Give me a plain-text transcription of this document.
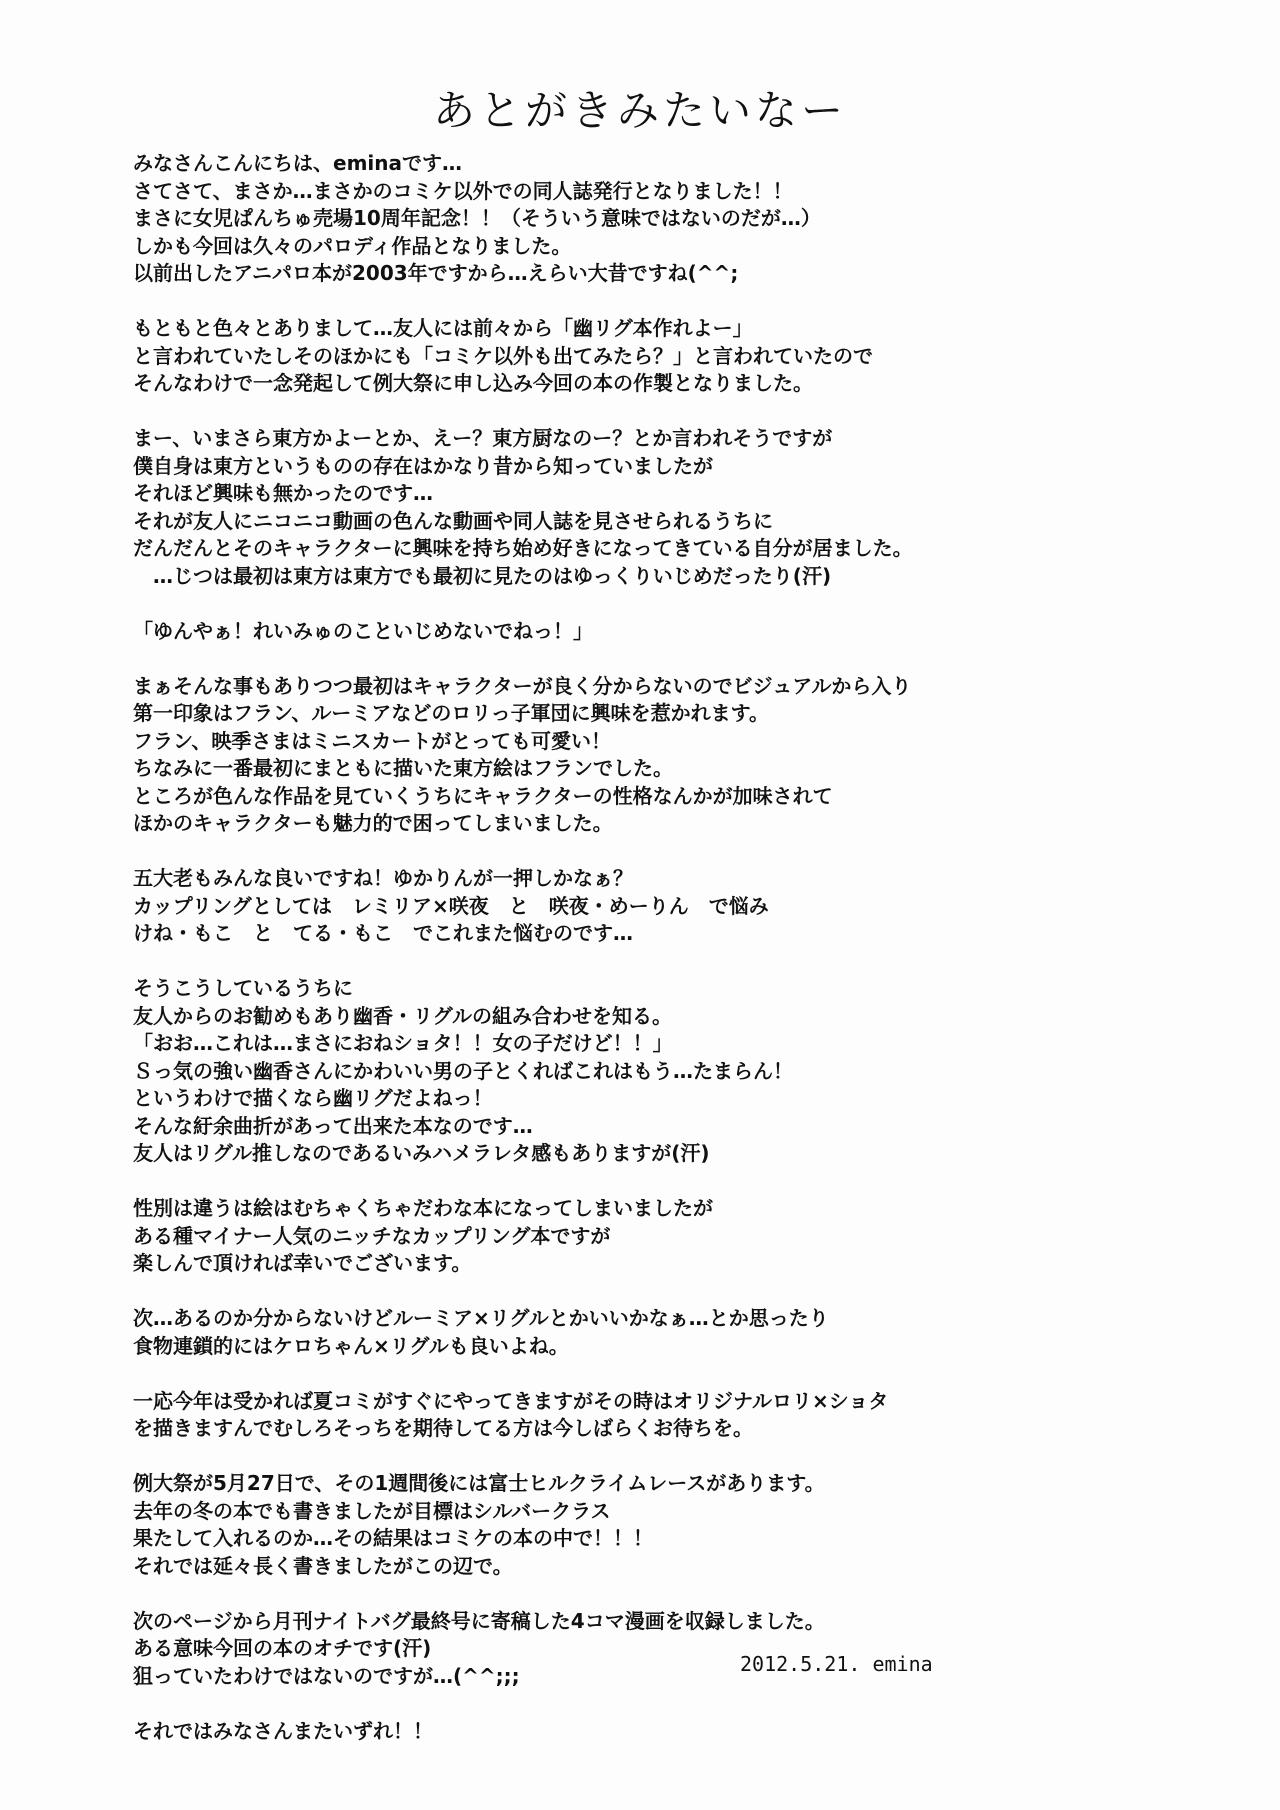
あとがきみたいなー
みなさんこんにちは、eminaです…
さてさて、まさか…まさかのコミケ以外での同人誌発行となりました！！
まさに女児ぱんちゅ売場10周年記念！！（そういう意味ではないのだが…）
しかも今回は久々のパロディ作品となりました。
以前出したアニパロ本が2003年ですから…えらい大昔ですね(^^;
もともと色々とありまして…友人には前々から「幽リグ本作れよー」
と言われていたしそのほかにも「コミケ以外も出てみたら？」と言われていたので
そんなわけで一念発起して例大祭に申し込み今回の本の作製となりました。
まー、いまさら東方かよーとか、えー？東方厨なのー？とか言われそうですが
僕自身は東方というものの存在はかなり昔から知っていましたが
それほど興味も無かったのです…
それが友人にニコニコ動画の色んな動画や同人誌を見させられるうちに
だんだんとそのキャラクターに興味を持ち始め好きになってきている自分が居ました。
　…じつは最初は東方は東方でも最初に見たのはゆっくりいじめだったり(汗)
「ゆんやぁ！れいみゅのこといじめないでねっ！」
まぁそんな事もありつつ最初はキャラクターが良く分からないのでビジュアルから入り
第一印象はフラン、ルーミアなどのロリっ子軍団に興味を惹かれます。
フラン、映季さまはミニスカートがとっても可愛い！
ちなみに一番最初にまともに描いた東方絵はフランでした。
ところが色んな作品を見ていくうちにキャラクターの性格なんかが加味されて
ほかのキャラクターも魅力的で困ってしまいました。
五大老もみんな良いですね！ゆかりんが一押しかなぁ？
カップリングとしては　レミリア×咲夜　と　咲夜・めーりん　で悩み
けね・もこ　と　てる・もこ　でこれまた悩むのです…
そうこうしているうちに
友人からのお勧めもあり幽香・リグルの組み合わせを知る。
「おお…これは…まさにおねショタ！！女の子だけど！！」
Ｓっ気の強い幽香さんにかわいい男の子とくればこれはもう…たまらん！
というわけで描くなら幽リグだよねっ！
そんな紆余曲折があって出来た本なのです…
友人はリグル推しなのであるいみハメラレタ感もありますが(汗)
性別は違うは絵はむちゃくちゃだわな本になってしまいましたが
ある種マイナー人気のニッチなカップリング本ですが
楽しんで頂ければ幸いでございます。
次…あるのか分からないけどルーミア×リグルとかいいかなぁ…とか思ったり
食物連鎖的にはケロちゃん×リグルも良いよね。
一応今年は受かれば夏コミがすぐにやってきますがその時はオリジナルロリ×ショタ
を描きますんでむしろそっちを期待してる方は今しばらくお待ちを。
例大祭が5月27日で、その1週間後には富士ヒルクライムレースがあります。
去年の冬の本でも書きましたが目標はシルバークラス
果たして入れるのか…その結果はコミケの本の中で！！！
それでは延々長く書きましたがこの辺で。
次のページから月刊ナイトバグ最終号に寄稿した4コマ漫画を収録しました。
ある意味今回の本のオチです(汗)
狙っていたわけではないのですが…(^^;;;
それではみなさんまたいずれ！！
2012.5.21. emina
